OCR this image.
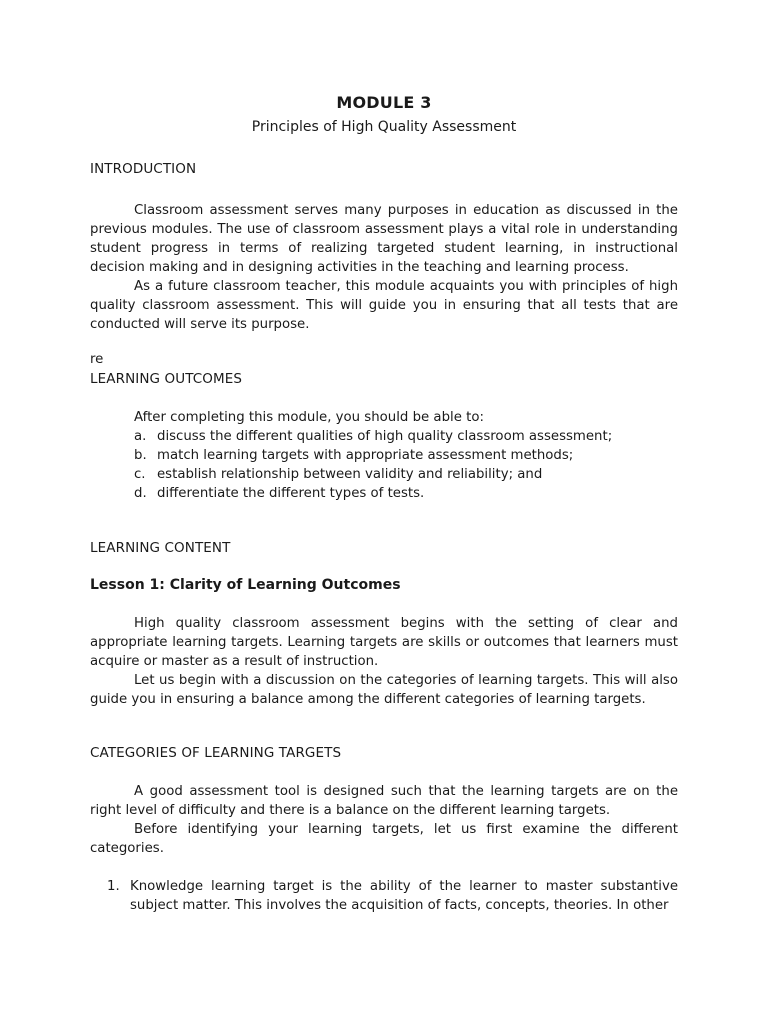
MODULE 3
Principles of High Quality Assessment
INTRODUCTION

Classroom assessment serves many purposes in education as discussed in the previous modules. The use of classroom assessment plays a vital role in understanding student progress in terms of realizing targeted student learning, in instructional decision making and in designing activities in the teaching and learning process.

As a future classroom teacher, this module acquaints you with principles of high quality classroom assessment. This will guide you in ensuring that all tests that are conducted will serve its purpose.

re
LEARNING OUTCOMES

After completing this module, you should be able to:

a. discuss the different qualities of high quality classroom assessment;
b. match learning targets with appropriate assessment methods;
c. establish relationship between validity and reliability; and
d. differentiate the different types of tests.
LEARNING CONTENT
Lesson 1: Clarity of Learning Outcomes

High quality classroom assessment begins with the setting of clear and appropriate learning targets. Learning targets are skills or outcomes that learners must acquire or master as a result of instruction.

Let us begin with a discussion on the categories of learning targets. This will also guide you in ensuring a balance among the different categories of learning targets.

CATEGORIES OF LEARNING TARGETS

A good assessment tool is designed such that the learning targets are on the right level of difficulty and there is a balance on the different learning targets.

Before identifying your learning targets, let us first examine the different categories.

1. Knowledge learning target is the ability of the learner to master substantive subject matter. This involves the acquisition of facts, concepts, theories. In other
